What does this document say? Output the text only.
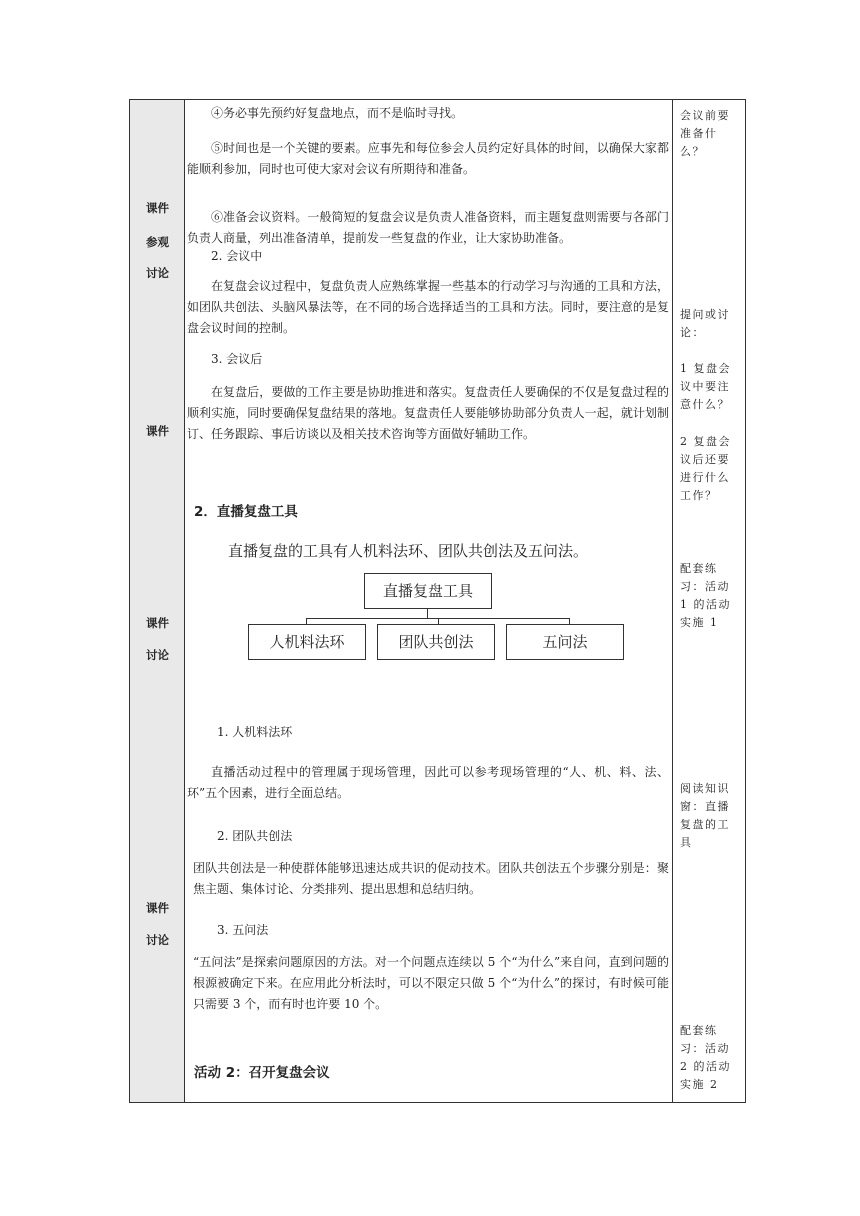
课件
参观
讨论
课件
课件
讨论
课件
讨论
会议前要准备什么？
提问或讨论：
1 复盘会议中要注意什么？
2 复盘会议后还要进行什么工作？
配套练习：活动 1 的活动实施 1
阅读知识窗：直播复盘的工具
配套练习：活动 2 的活动实施 2
④务必事先预约好复盘地点，而不是临时寻找。
⑤时间也是一个关键的要素。应事先和每位参会人员约定好具体的时间，以确保大家都能顺利参加，同时也可使大家对会议有所期待和准备。
⑥准备会议资料。一般简短的复盘会议是负责人准备资料，而主题复盘则需要与各部门负责人商量，列出准备清单，提前发一些复盘的作业，让大家协助准备。
2. 会议中
在复盘会议过程中，复盘负责人应熟练掌握一些基本的行动学习与沟通的工具和方法，如团队共创法、头脑风暴法等，在不同的场合选择适当的工具和方法。同时，要注意的是复盘会议时间的控制。
3. 会议后
在复盘后，要做的工作主要是协助推进和落实。复盘责任人要确保的不仅是复盘过程的顺利实施，同时要确保复盘结果的落地。复盘责任人要能够协助部分负责人一起，就计划制订、任务跟踪、事后访谈以及相关技术咨询等方面做好辅助工作。
2．直播复盘工具
直播复盘的工具有人机料法环、团队共创法及五问法。
直播复盘工具
人机料法环	团队共创法	五问法
1. 人机料法环
直播活动过程中的管理属于现场管理，因此可以参考现场管理的“人、机、料、法、环”五个因素，进行全面总结。
2. 团队共创法
团队共创法是一种使群体能够迅速达成共识的促动技术。团队共创法五个步骤分别是：聚焦主题、集体讨论、分类排列、提出思想和总结归纳。
3. 五问法
“五问法”是探索问题原因的方法。对一个问题点连续以 5 个“为什么”来自问，直到问题的根源被确定下来。在应用此分析法时，可以不限定只做 5 个“为什么”的探讨，有时候可能只需要 3 个，而有时也许要 10 个。
活动 2：召开复盘会议
